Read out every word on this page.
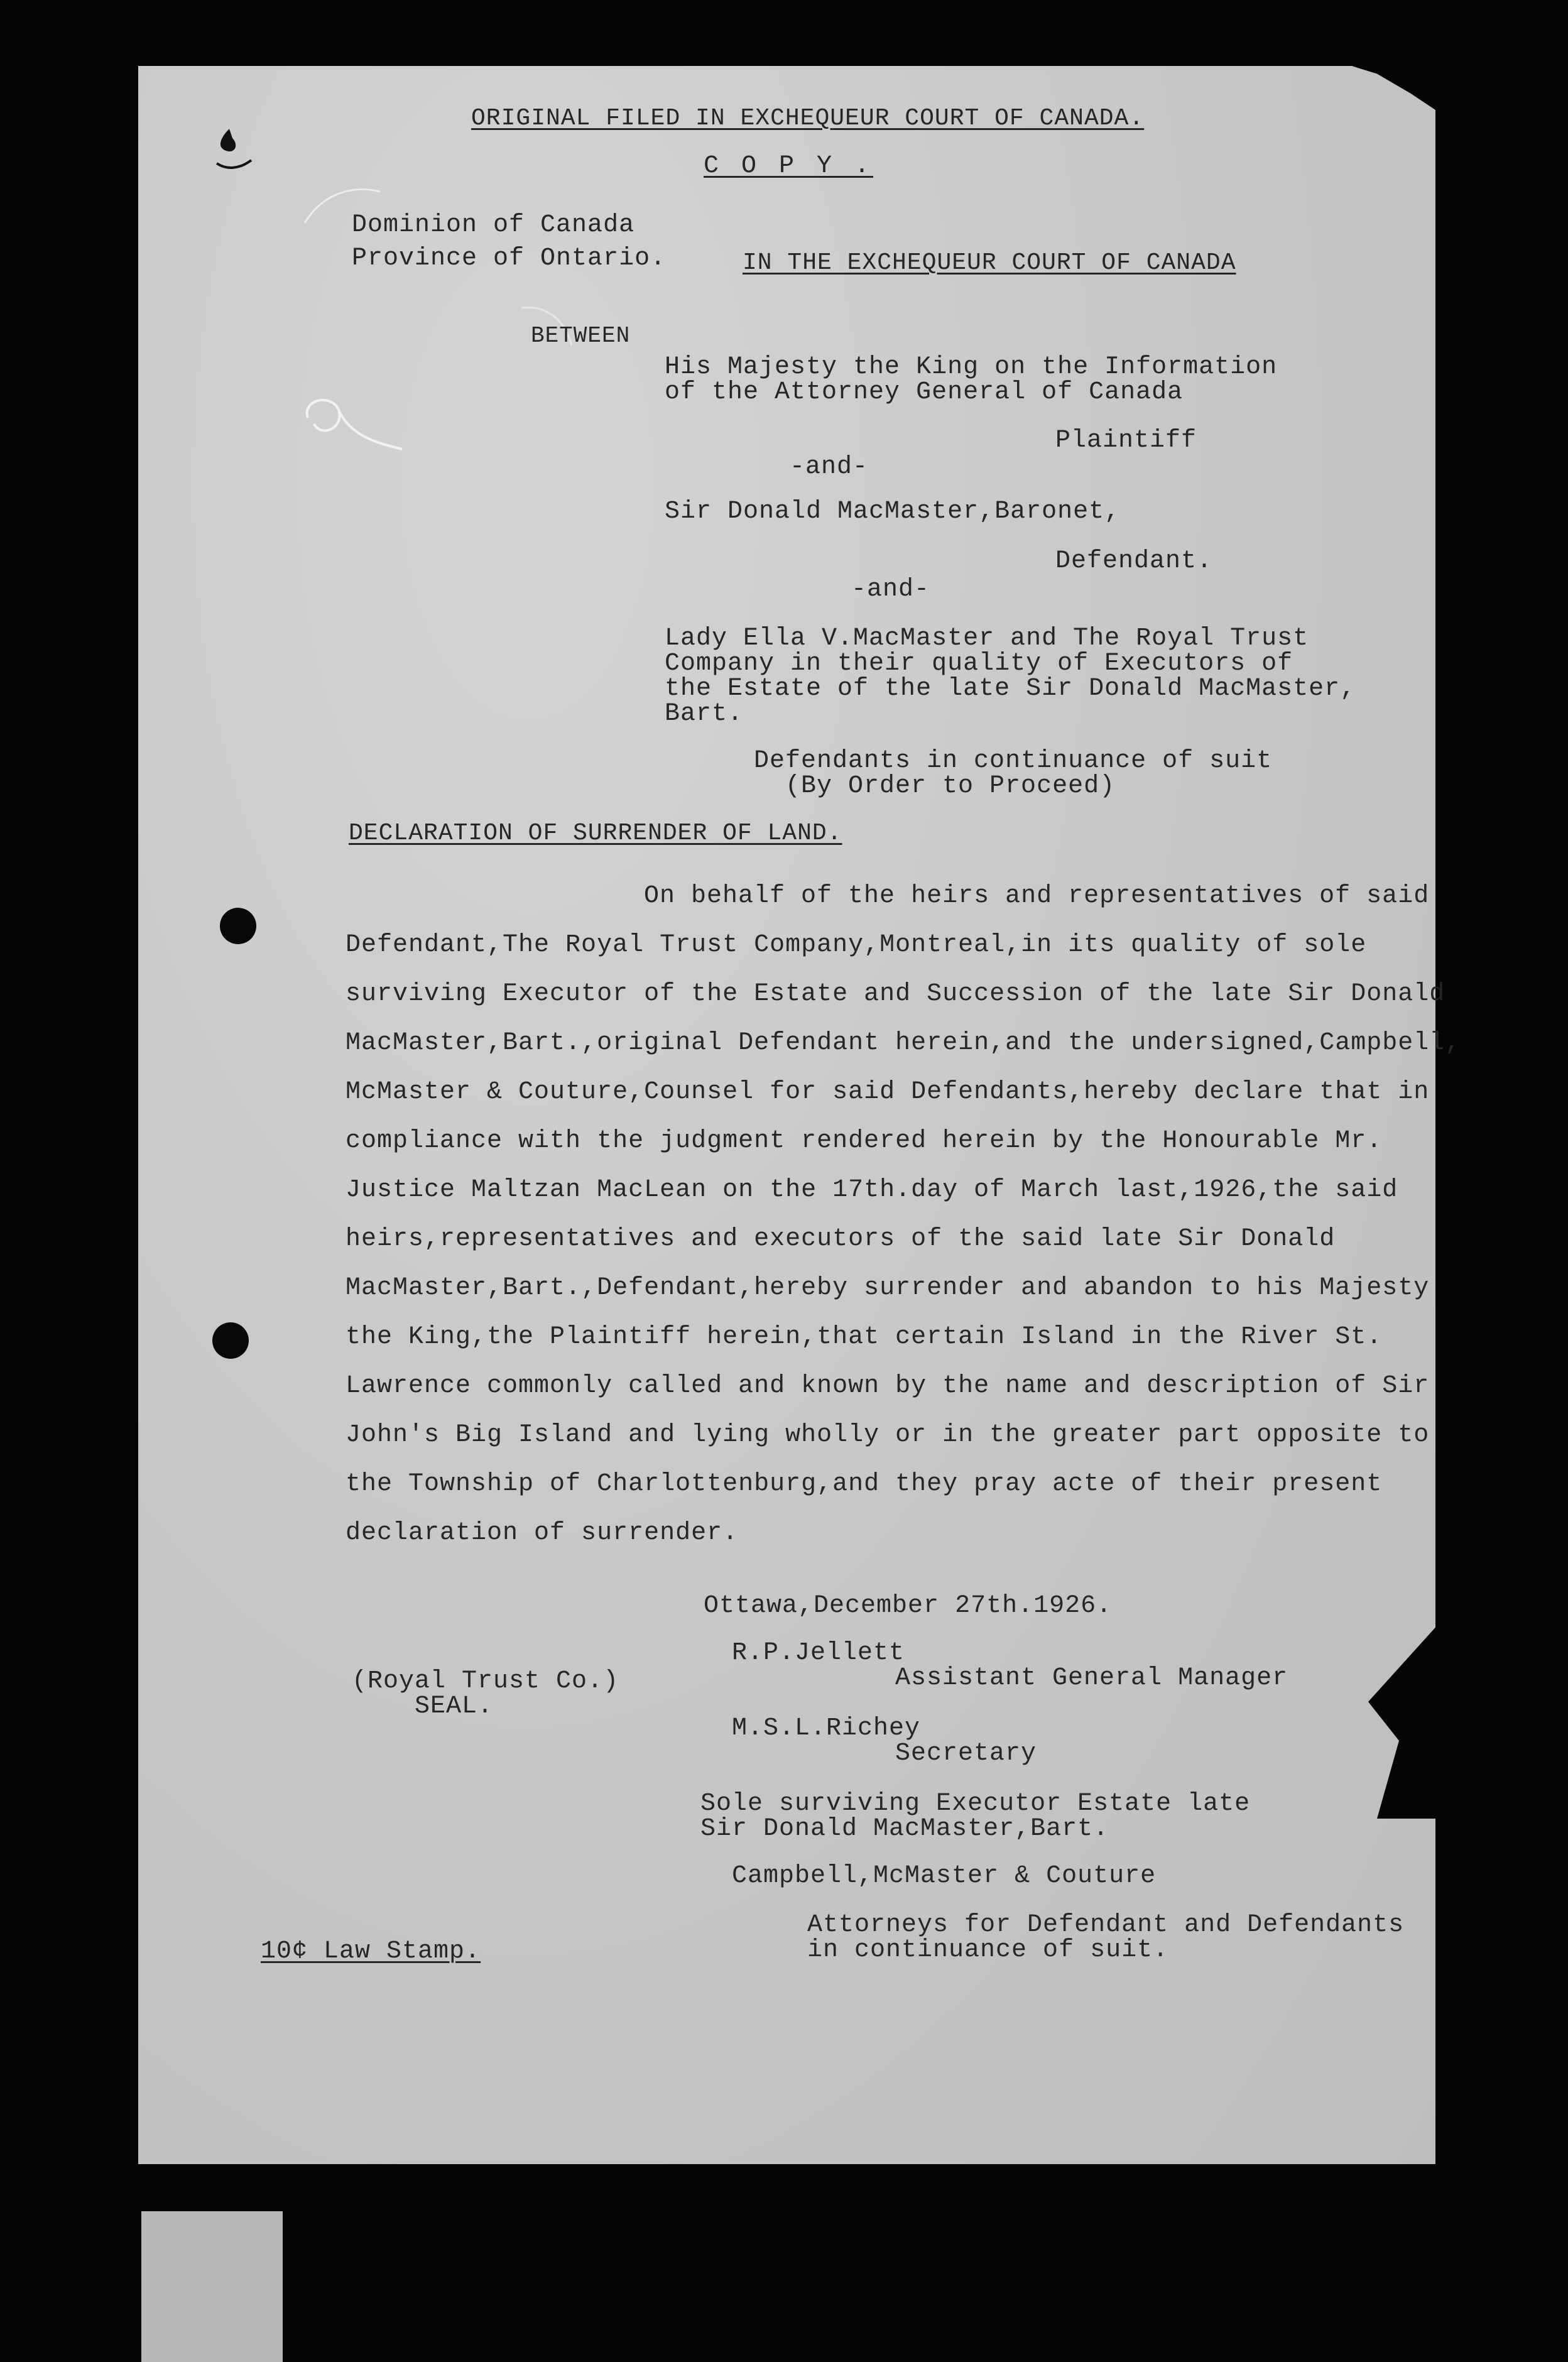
ORIGINAL FILED IN EXCHEQUEUR COURT OF CANADA.
C O P Y .
Dominion of Canada
Province of Ontario.	IN THE EXCHEQUEUR COURT OF CANADA
BETWEEN
His Majesty the King on the Information
of the Attorney General of Canada
Plaintiff
-and-
Sir Donald MacMaster,Baronet,
Defendant.
-and-
Lady Ella V.MacMaster and The Royal Trust
Company in their quality of Executors of
the Estate of the late Sir Donald MacMaster,
Bart.
Defendants in continuance of suit
(By Order to Proceed)
DECLARATION OF SURRENDER OF LAND.
On behalf of the heirs and representatives of said
Defendant,The Royal Trust Company,Montreal,in its quality of sole
surviving Executor of the Estate and Succession of the late Sir Donald
MacMaster,Bart.,original Defendant herein,and the undersigned,Campbell,
McMaster & Couture,Counsel for said Defendants,hereby declare that in
compliance with the judgment rendered herein by the Honourable Mr.
Justice Maltzan MacLean on the 17th.day of March last,1926,the said
heirs,representatives and executors of the said late Sir Donald
MacMaster,Bart.,Defendant,hereby surrender and abandon to his Majesty
the King,the Plaintiff herein,that certain Island in the River St.
Lawrence commonly called and known by the name and description of Sir
John's Big Island and lying wholly or in the greater part opposite to
the Township of Charlottenburg,and they pray acte of their present
declaration of surrender.
Ottawa,December 27th.1926.
R.P.Jellett
Assistant General Manager
(Royal Trust Co.)
SEAL.
M.S.L.Richey
Secretary
Sole surviving Executor Estate late
Sir Donald MacMaster,Bart.
Campbell,McMaster & Couture
Attorneys for Defendant and Defendants
in continuance of suit.
10¢ Law Stamp.
